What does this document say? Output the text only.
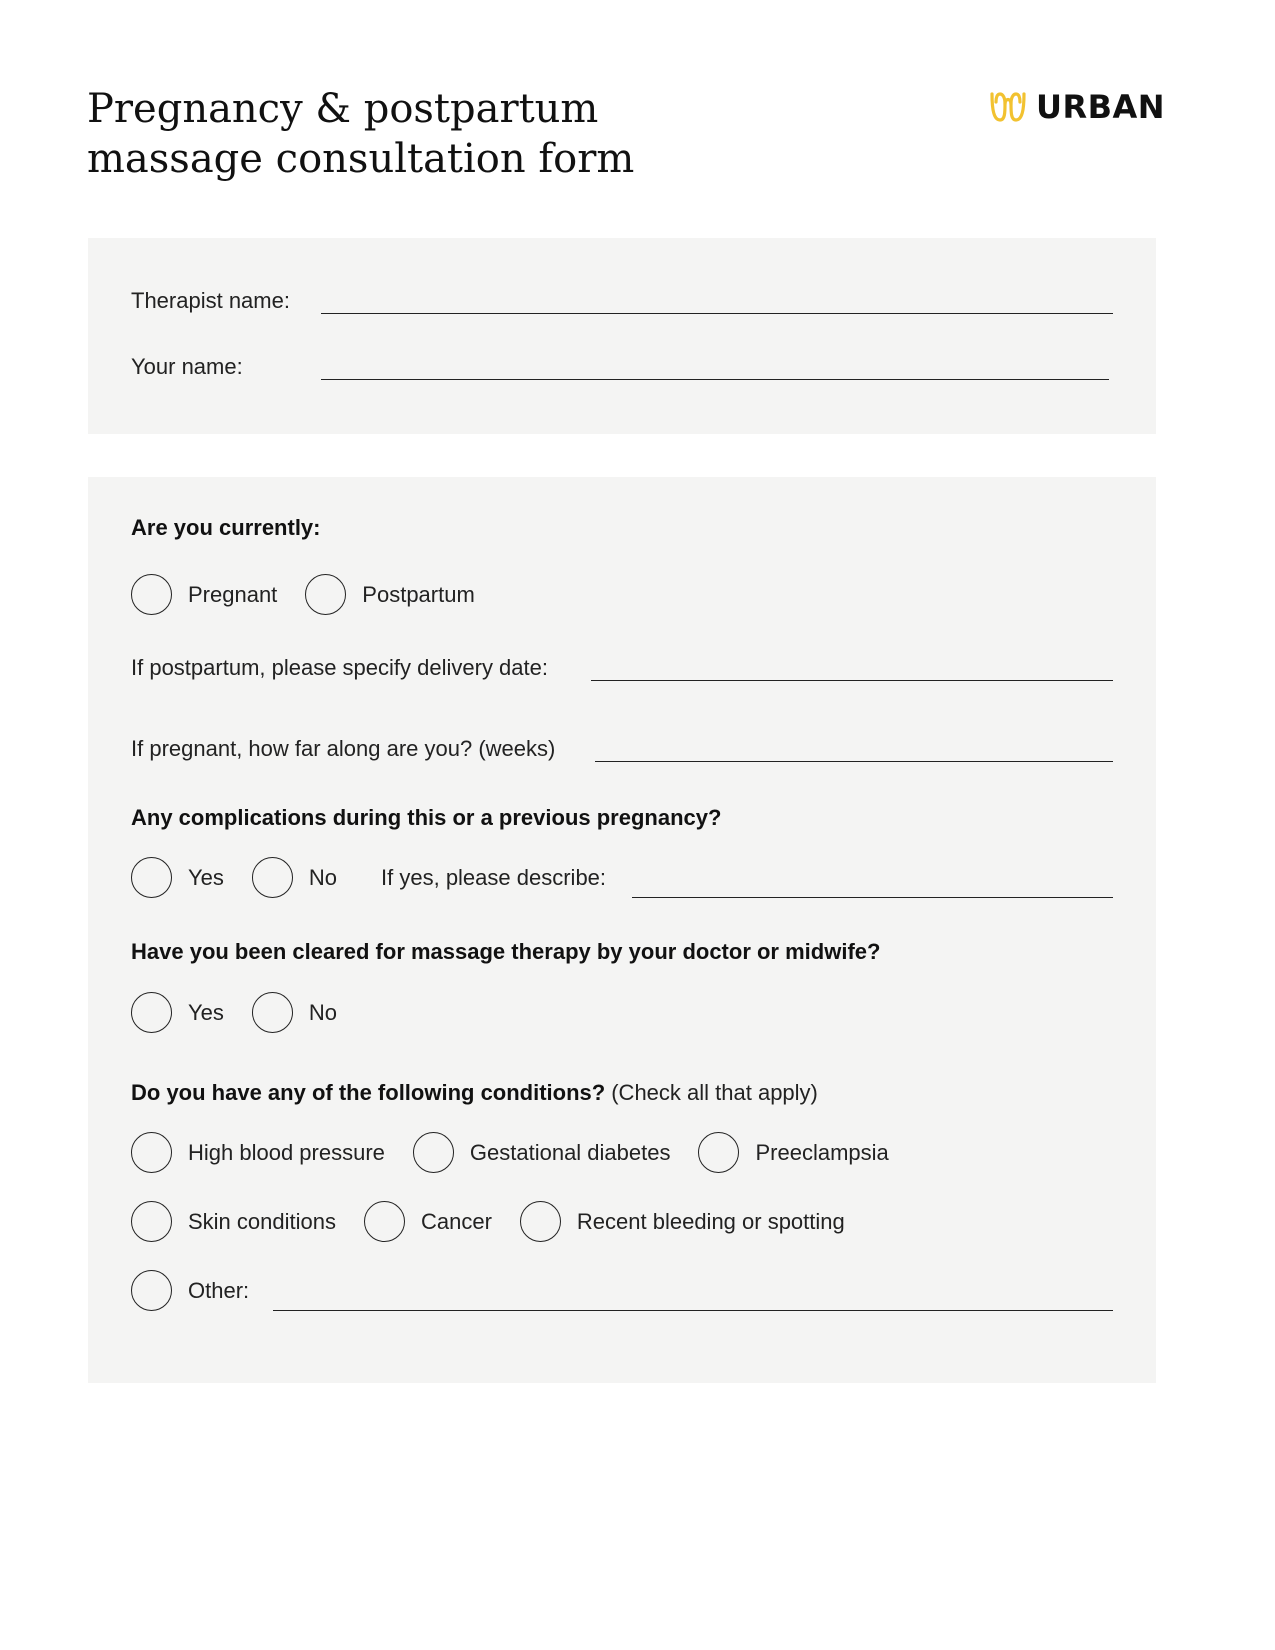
Pregnancy & postpartum
massage consultation form
URBAN
Therapist name:
Your name:
Are you currently:
Pregnant	Postpartum
If postpartum, please specify delivery date:
If pregnant, how far along are you? (weeks)
Any complications during this or a previous pregnancy?
Yes	No If yes, please describe:
Have you been cleared for massage therapy by your doctor or midwife?
Yes	No
Do you have any of the following conditions? (Check all that apply)
High blood pressure	Gestational diabetes	Preeclampsia
Skin conditions	Cancer	Recent bleeding or spotting
Other:
